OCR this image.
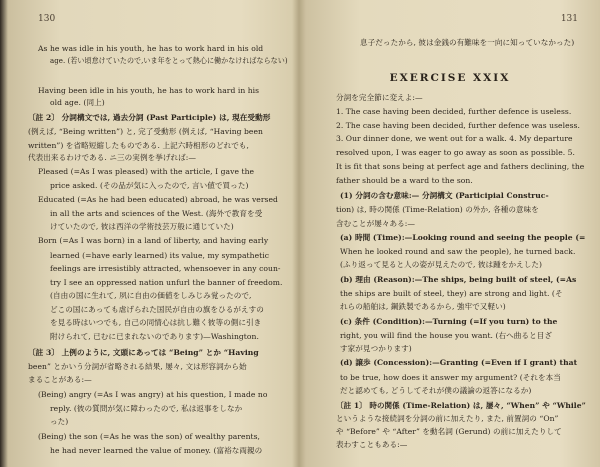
130
As he was idle in his youth, he has to work hard in his old
age. (若い頃怠けていたので,いま年をとって熱心に働かなければならない)
Having been idle in his youth, he has to work hard in his
old age. (同上)
〔註 2〕 分詞構文では, 過去分詞 (Past Participle) は, 現在受動形
(例えば, “Being written”) と, 完了受動形 (例えば, “Having been
written”) を省略短縮したものである. 上記六時相形のどれでも,
代表出来るわけである. ニ三の実例を挙げれば:—
Pleased (=As I was pleased) with the article, I gave the
price asked. (その品が気に入ったので, 言い値で買った)
Educated (=As he had been educated) abroad, he was versed
in all the arts and sciences of the West. (海外で教育を受
けていたので, 彼は西洋の学術技芸万般に通じていた)
Born (=As I was born) in a land of liberty, and having early
learned (=have early learned) its value, my sympathetic
feelings are irresistibly attracted, whensoever in any coun-
try I see an oppressed nation unfurl the banner of freedom.
(自由の国に生れて, 夙に自由の価値をしみじみ覚ったので,
どこの国にあっても虐げられた国民が自由の旗をひるがえすの
を見る時はいつでも, 自己の同情心は抗し難く彼等の側に引き
附けられて, 已むに已まれないのであります)—Washington.
〔註 3〕 上例のように, 文頭にあっては “Being” とか “Having
been” とかいう分詞が省略される結果, 屡々, 文は形容詞から始
まることがある:—
(Being) angry (=As I was angry) at his question, I made no
reply. (彼の質問が気に障わったので, 私は返事をしなか
った)
(Being) the son (=As he was the son) of wealthy parents,
he had never learned the value of money. (富裕な両親の
131
息子だったから, 彼は金銭の有難味を一向に知っていなかった)
EXERCISE XXIX
分詞を完全節に変えよ:—
1. The case having been decided, further defence is useless.
2. The case having been decided, further defence was useless.
3. Our dinner done, we went out for a walk. 4. My departure
resolved upon, I was eager to go away as soon as possible. 5.
It is fit that sons being at perfect age and fathers declining, the
father should be a ward to the son.
(1) 分詞の含む意味:— 分詞構文 (Participial Construc-
tion) は, 時の関係 (Time-Relation) の外か, 各種の意味を
含むことが屡々ある:—
(a) 時間 (Time):—Looking round and seeing the people (=
When he looked round and saw the people), he turned back.
(ふり返って見ると人の姿が見えたので, 彼は踵をかえした)
(b) 理由 (Reason):—The ships, being built of steel, (=As
the ships are built of steel, they) are strong and light. (そ
れらの船舶は, 鋼鉄製であるから, 強牢で又軽い)
(c) 条件 (Condition):—Turning (=If you turn) to the
right, you will find the house you want. (右へ曲ると目ざ
す家が見つかります)
(d) 譲歩 (Concession):—Granting (=Even if I grant) that
to be true, how does it answer my argument? (それを本当
だと認めても, どうしてそれが僕の議論の返答になるか)
〔註 1〕 時の関係 (Time-Relation) は, 屡々, “When” や “While”
というような接続詞を分詞の前に加えたり, また, 前置詞の “On”
や “Before” や “After” を動名詞 (Gerund) の前に加えたりして
表わすこともある:—
